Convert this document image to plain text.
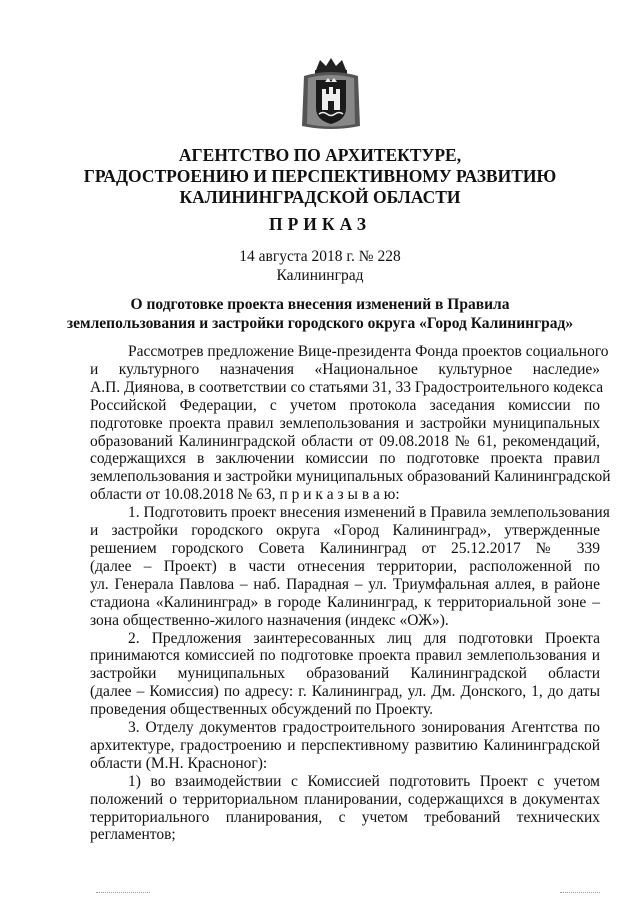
АГЕНТСТВО ПО АРХИТЕКТУРЕ,
ГРАДОСТРОЕНИЮ И ПЕРСПЕКТИВНОМУ РАЗВИТИЮ
КАЛИНИНГРАДСКОЙ ОБЛАСТИ
ПРИКАЗ
14 августа 2018 г. № 228
Калининград
О подготовке проекта внесения изменений в Правила
землепользования и застройки городского округа «Город Калининград»
Рассмотрев предложение Вице-президента Фонда проектов социального
и культурного назначения «Национальное культурное наследие»
А.П. Диянова, в соответствии со статьями 31, 33 Градостроительного кодекса
Российской Федерации, с учетом протокола заседания комиссии по
подготовке проекта правил землепользования и застройки муниципальных
образований Калининградской области от 09.08.2018 № 61, рекомендаций,
содержащихся в заключении комиссии по подготовке проекта правил
землепользования и застройки муниципальных образований Калининградской
области от 10.08.2018 № 63, п р и к а з ы в а ю:
1. Подготовить проект внесения изменений в Правила землепользования
и застройки городского округа «Город Калининград», утвержденные
решением городского Совета Калининград от 25.12.2017 № 339
(далее – Проект) в части отнесения территории, расположенной по
ул. Генерала Павлова – наб. Парадная – ул. Триумфальная аллея, в районе
стадиона «Калининград» в городе Калининград, к территориальной зоне –
зона общественно-жилого назначения (индекс «ОЖ»).
2. Предложения заинтересованных лиц для подготовки Проекта
принимаются комиссией по подготовке проекта правил землепользования и
застройки муниципальных образований Калининградской области
(далее – Комиссия) по адресу: г. Калининград, ул. Дм. Донского, 1, до даты
проведения общественных обсуждений по Проекту.
3. Отделу документов градостроительного зонирования Агентства по
архитектуре, градостроению и перспективному развитию Калининградской
области (М.Н. Красноног):
1) во взаимодействии с Комиссией подготовить Проект с учетом
положений о территориальном планировании, содержащихся в документах
территориального планирования, с учетом требований технических
регламентов;
